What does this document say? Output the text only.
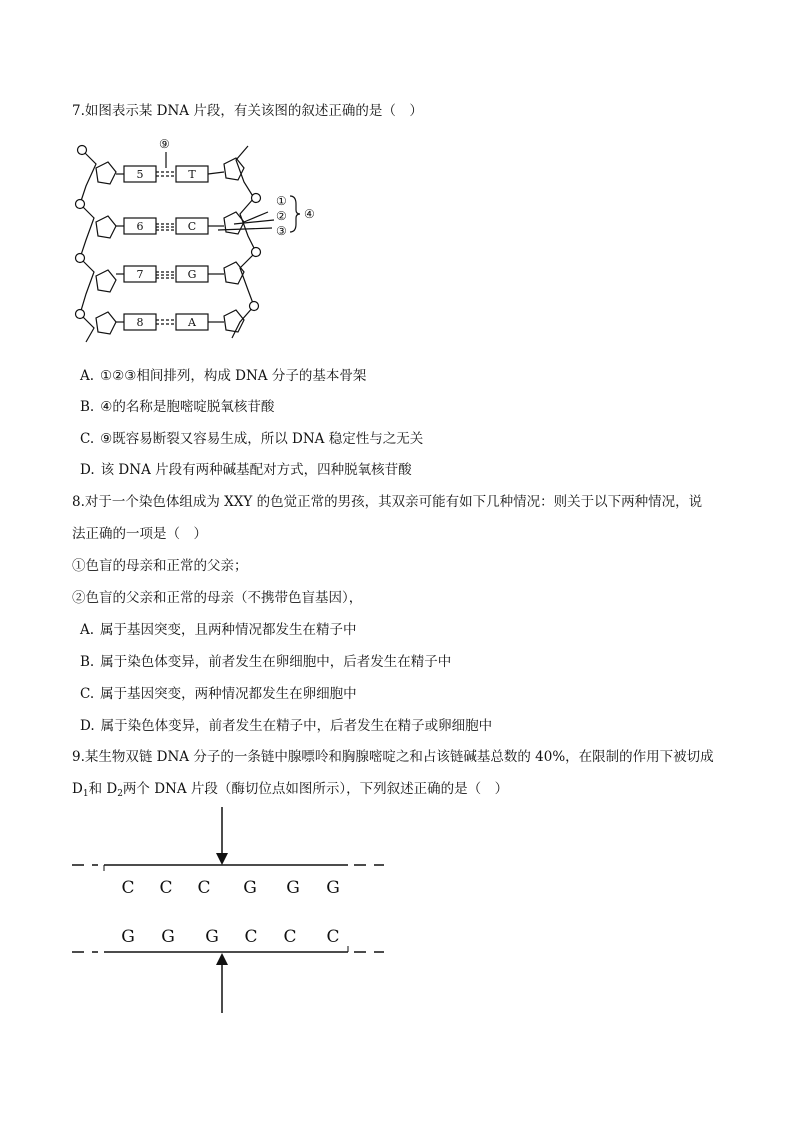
7.如图表示某 DNA 片段，有关该图的叙述正确的是（　）
5	T
6	C
7	G
8	A
⑨
①
②
③
④
A. ①②③相间排列，构成 DNA 分子的基本骨架
B. ④的名称是胞嘧啶脱氧核苷酸
C. ⑨既容易断裂又容易生成，所以 DNA 稳定性与之无关
D. 该 DNA 片段有两种碱基配对方式，四种脱氧核苷酸
8.对于一个染色体组成为 XXY 的色觉正常的男孩，其双亲可能有如下几种情况：则关于以下两种情况，说
法正确的一项是（　）
①色盲的母亲和正常的父亲；
②色盲的父亲和正常的母亲（不携带色盲基因），
A. 属于基因突变，且两种情况都发生在精子中
B. 属于染色体变异，前者发生在卵细胞中，后者发生在精子中
C. 属于基因突变，两种情况都发生在卵细胞中
D. 属于染色体变异，前者发生在精子中，后者发生在精子或卵细胞中
9.某生物双链 DNA 分子的一条链中腺嘌呤和胸腺嘧啶之和占该链碱基总数的 40%，在限制的作用下被切成
$D_1$和 $D_2$两个 DNA 片段（酶切位点如图所示），下列叙述正确的是（　）
C C C G G G
G G G C C C
